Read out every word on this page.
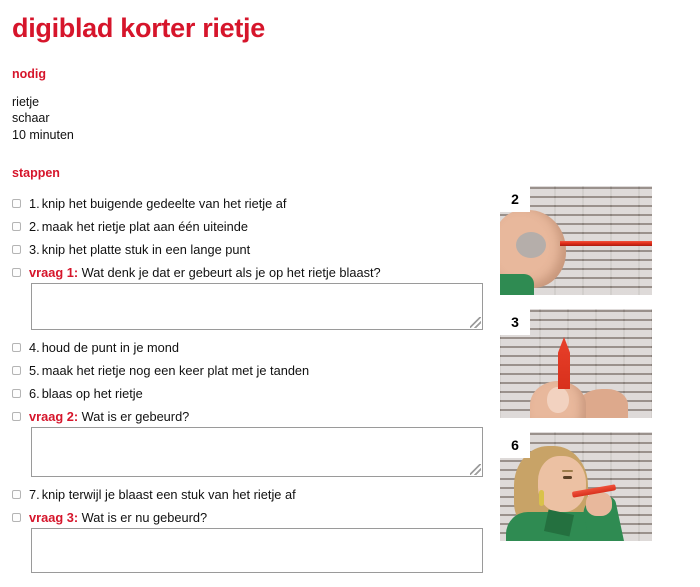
digiblad korter rietje
nodig
rietje
schaar
10 minuten
stappen
1. knip het buigende gedeelte van het rietje af
2. maak het rietje plat aan één uiteinde
3. knip het platte stuk in een lange punt
vraag 1: Wat denk je dat er gebeurt als je op het rietje blaast?
4. houd de punt in je mond
5. maak het rietje nog een keer plat met je tanden
6. blaas op het rietje
vraag 2: Wat is er gebeurd?
7. knip terwijl je blaast een stuk van het rietje af
vraag 3: Wat is er nu gebeurd?
2
3
6
